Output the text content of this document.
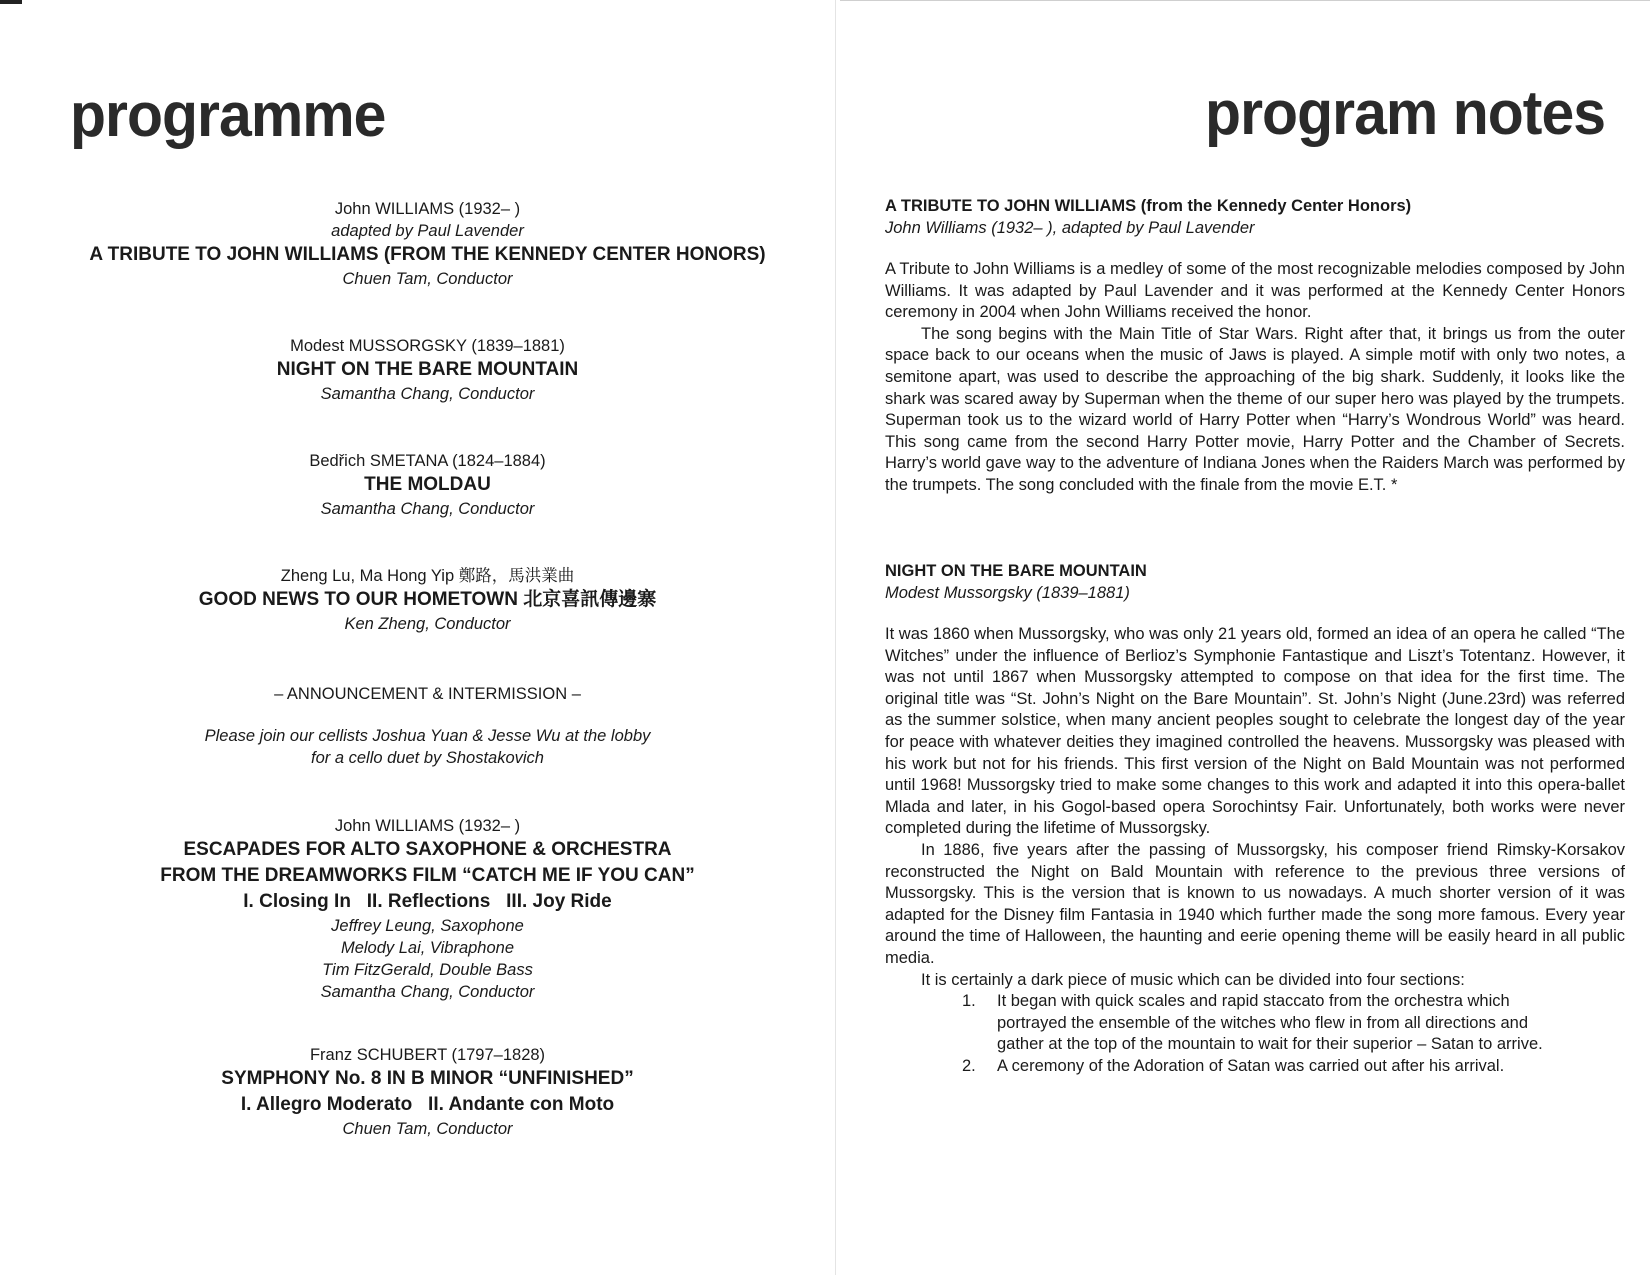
programme

John WILLIAMS (1932– )

adapted by Paul Lavender

A TRIBUTE TO JOHN WILLIAMS (FROM THE KENNEDY CENTER HONORS)

Chuen Tam, Conductor

Modest MUSSORGSKY (1839–1881)

NIGHT ON THE BARE MOUNTAIN

Samantha Chang, Conductor

Bedřich SMETANA (1824–1884)

THE MOLDAU

Samantha Chang, Conductor

Zheng Lu, Ma Hong Yip 鄭路，馬洪業曲

GOOD NEWS TO OUR HOMETOWN 北京喜訊傳邊寨

Ken Zheng, Conductor

– ANNOUNCEMENT & INTERMISSION –

Please join our cellists Joshua Yuan & Jesse Wu at the lobby

for a cello duet by Shostakovich

John WILLIAMS (1932– )

ESCAPADES FOR ALTO SAXOPHONE & ORCHESTRA

FROM THE DREAMWORKS FILM “CATCH ME IF YOU CAN”

I. Closing In   II. Reflections   III. Joy Ride

Jeffrey Leung, Saxophone

Melody Lai, Vibraphone

Tim FitzGerald, Double Bass

Samantha Chang, Conductor

Franz SCHUBERT (1797–1828)

SYMPHONY No. 8 IN B MINOR “UNFINISHED”

I. Allegro Moderato   II. Andante con Moto

Chuen Tam, Conductor

program notes

A TRIBUTE TO JOHN WILLIAMS (from the Kennedy Center Honors)

John Williams (1932– ), adapted by Paul Lavender

A Tribute to John Williams is a medley of some of the most recognizable melodies composed by John Williams. It was adapted by Paul Lavender and it was performed at the Kennedy Center Honors ceremony in 2004 when John Williams received the honor.

The song begins with the Main Title of Star Wars. Right after that, it brings us from the outer space back to our oceans when the music of Jaws is played. A simple motif with only two notes, a semitone apart, was used to describe the approaching of the big shark. Suddenly, it looks like the shark was scared away by Superman when the theme of our super hero was played by the trumpets. Superman took us to the wizard world of Harry Potter when “Harry’s Wondrous World” was heard. This song came from the second Harry Potter movie, Harry Potter and the Chamber of Secrets. Harry’s world gave way to the adventure of Indiana Jones when the Raiders March was performed by the trumpets. The song concluded with the finale from the movie E.T. *

NIGHT ON THE BARE MOUNTAIN

Modest Mussorgsky (1839–1881)

It was 1860 when Mussorgsky, who was only 21 years old, formed an idea of an opera he called “The Witches” under the influence of Berlioz’s Symphonie Fantastique and Liszt’s Totentanz. However, it was not until 1867 when Mussorgsky attempted to compose on that idea for the first time. The original title was “St. John’s Night on the Bare Mountain”. St. John’s Night (June.23rd) was referred as the summer solstice, when many ancient peoples sought to celebrate the longest day of the year for peace with whatever deities they imagined controlled the heavens. Mussorgsky was pleased with his work but not for his friends. This first version of the Night on Bald Mountain was not performed until 1968! Mussorgsky tried to make some changes to this work and adapted it into this opera-ballet Mlada and later, in his Gogol-based opera Sorochintsy Fair. Unfortunately, both works were never completed during the lifetime of Mussorgsky.

In 1886, five years after the passing of Mussorgsky, his composer friend Rimsky-Korsakov reconstructed the Night on Bald Mountain with reference to the previous three versions of Mussorgsky. This is the version that is known to us nowadays. A much shorter version of it was adapted for the Disney film Fantasia in 1940 which further made the song more famous. Every year around the time of Halloween, the haunting and eerie opening theme will be easily heard in all public media.

It is certainly a dark piece of music which can be divided into four sections:

1. It began with quick scales and rapid staccato from the orchestra which portrayed the ensemble of the witches who flew in from all directions and gather at the top of the mountain to wait for their superior – Satan to arrive.
2. A ceremony of the Adoration of Satan was carried out after his arrival.
